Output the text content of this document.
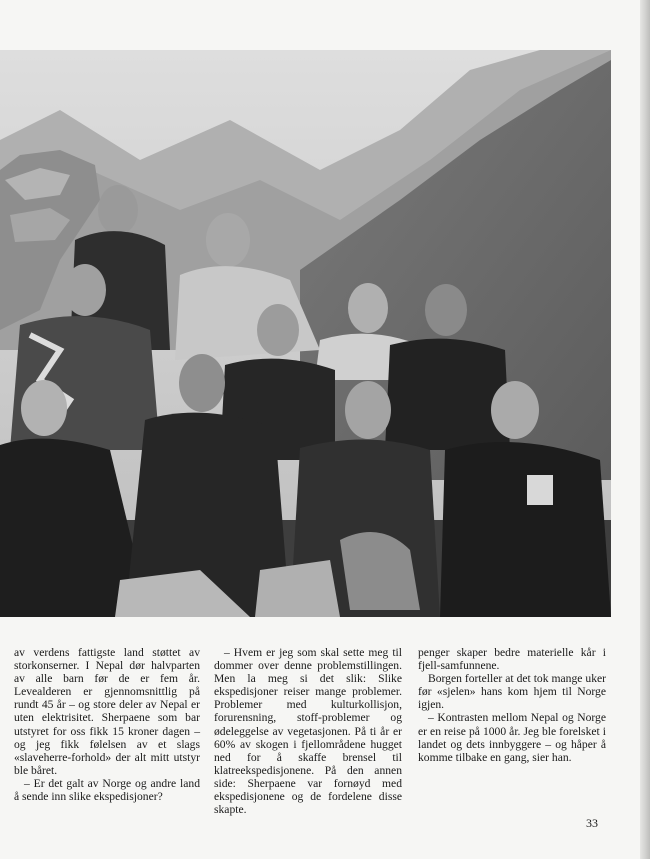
av verdens fattigste land støttet av storkonserner. I Nepal dør halvparten av alle barn før de er fem år. Levealderen er gjennomsnittlig på rundt 45 år – og store deler av Nepal er uten elektrisitet. Sherpaene som bar utstyret for oss fikk 15 kroner dagen – og jeg fikk følelsen av et slags «slaveherre-forhold» der alt mitt utstyr ble båret.

– Er det galt av Norge og andre land å sende inn slike ekspedisjoner?

– Hvem er jeg som skal sette meg til dommer over denne problemstillingen. Men la meg si det slik: Slike ekspedisjoner reiser mange problemer. Problemer med kulturkollisjon, forurensning, stoff-problemer og ødeleggelse av vegetasjonen. På ti år er 60% av skogen i fjellområdene hugget ned for å skaffe brensel til klatreekspedisjonene. På den annen side: Sherpaene var fornøyd med ekspedisjonene og de fordelene disse skapte.

penger skaper bedre materielle kår i fjell-samfunnene.

Borgen forteller at det tok mange uker før «sjelen» hans kom hjem til Norge igjen.

– Kontrasten mellom Nepal og Norge er en reise på 1000 år. Jeg ble forelsket i landet og dets innbyggere – og håper å komme tilbake en gang, sier han.

33
